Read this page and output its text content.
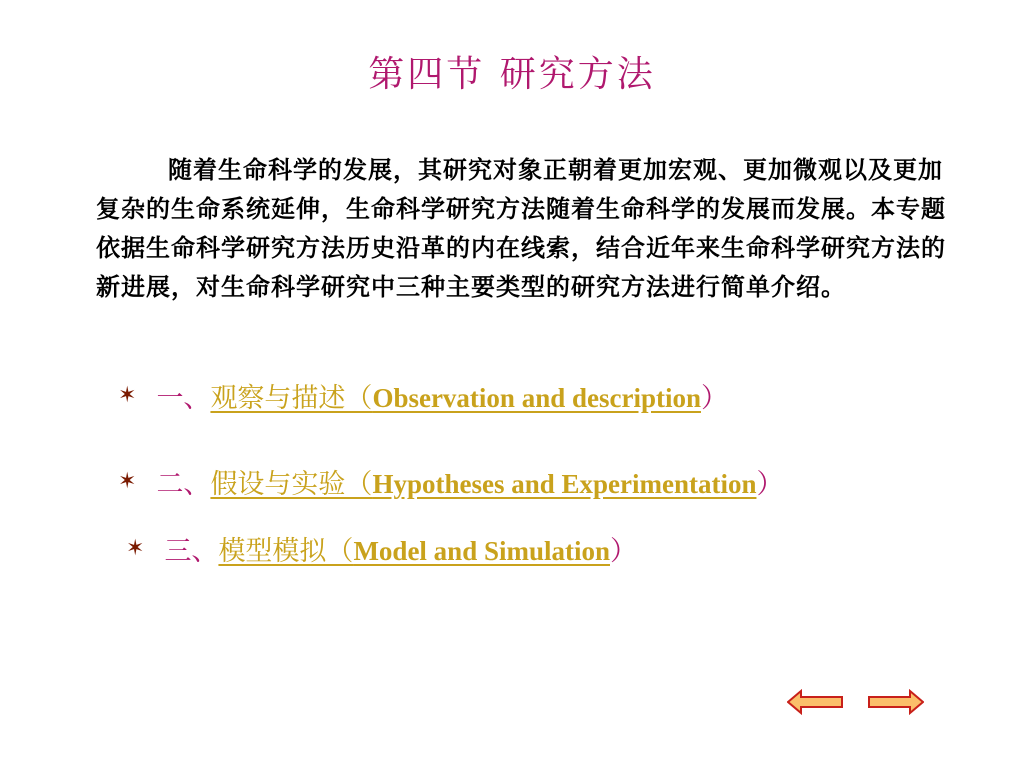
第四节 研究方法
随着生命科学的发展，其研究对象正朝着更加宏观、更加微观以及更加复杂的生命系统延伸，生命科学研究方法随着生命科学的发展而发展。本专题依据生命科学研究方法历史沿革的内在线索，结合近年来生命科学研究方法的新进展，对生命科学研究中三种主要类型的研究方法进行简单介绍。
✶ 一、 观察与描述（Observation and description ）
✶ 二、 假设与实验（Hypotheses and Experimentation ）
✶ 三、 模型模拟（Model and Simulation ）
